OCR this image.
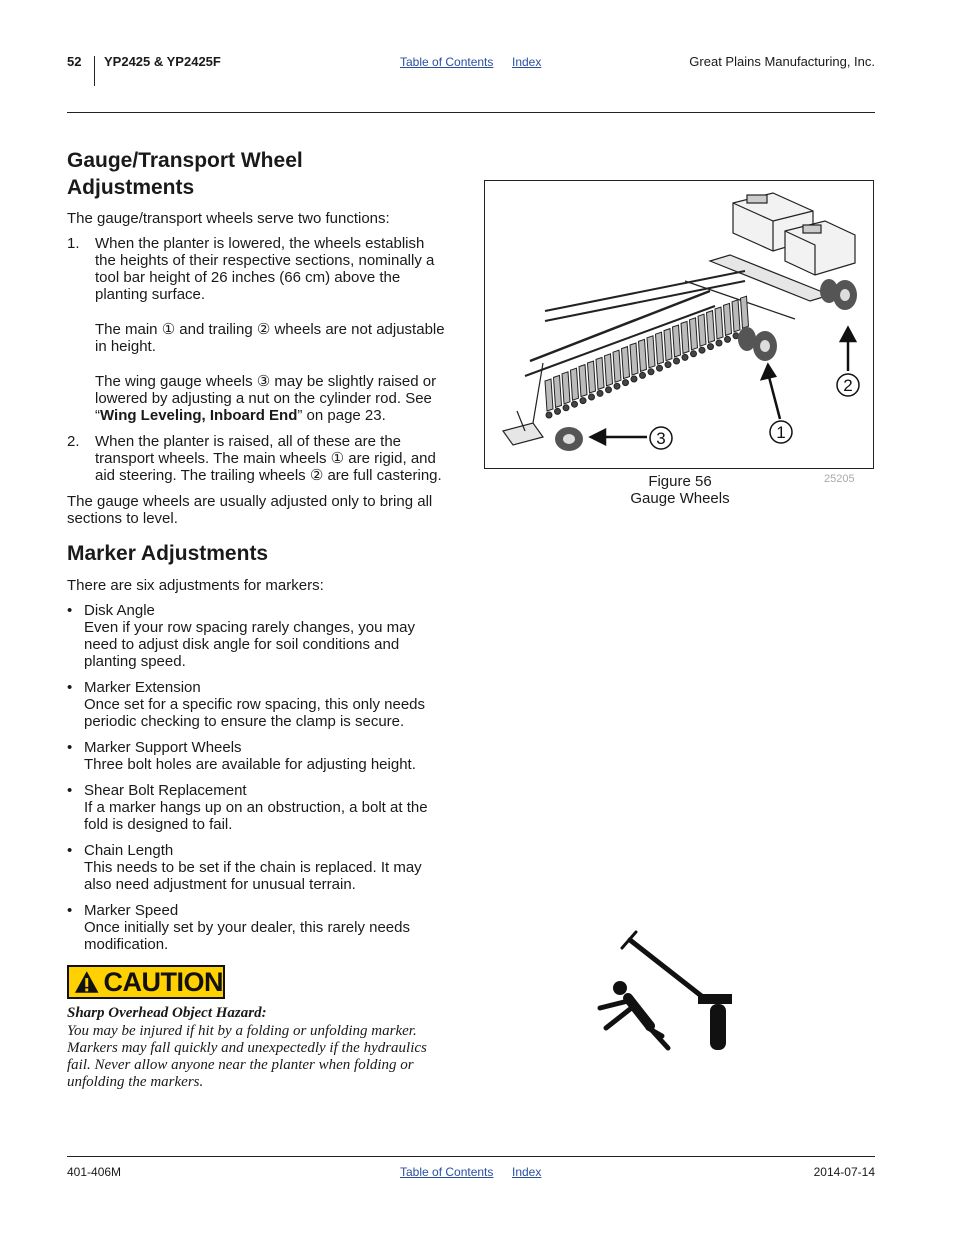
52 YP2425 & YP2425F	Table of Contents Index	Great Plains Manufacturing, Inc.
Gauge/Transport Wheel
Adjustments

The gauge/transport wheels serve two functions:

1. When the planter is lowered, the wheels establish
the heights of their respective sections, nominally a
tool bar height of 26 inches (66 cm) above the
planting surface.

The main ① and trailing ② wheels are not adjustable
in height.

The wing gauge wheels ③ may be slightly raised or
lowered by adjusting a nut on the cylinder rod. See
“Wing Leveling, Inboard End” on page 23.

2. When the planter is raised, all of these are the
transport wheels. The main wheels ① are rigid, and
aid steering. The trailing wheels ② are full castering.

The gauge wheels are usually adjusted only to bring all
sections to level.

Marker Adjustments

There are six adjustments for markers:

• Disk Angle
Even if your row spacing rarely changes, you may
need to adjust disk angle for soil conditions and
planting speed.

• Marker Extension
Once set for a specific row spacing, this only needs
periodic checking to ensure the clamp is secure.

• Marker Support Wheels
Three bolt holes are available for adjusting height.

• Shear Bolt Replacement
If a marker hangs up on an obstruction, a bolt at the
fold is designed to fail.

• Chain Length
This needs to be set if the chain is replaced. It may
also need adjustment for unusual terrain.

• Marker Speed
Once initially set by your dealer, this rarely needs
modification.

CAUTION
Sharp Overhead Object Hazard:
You may be injured if hit by a folding or unfolding marker.
Markers may fall quickly and unexpectedly if the hydraulics
fail. Never allow anyone near the planter when folding or
unfolding the markers.
1
2
3
Figure 56
Gauge Wheels
25205
401-406M	Table of Contents Index	2014-07-14
